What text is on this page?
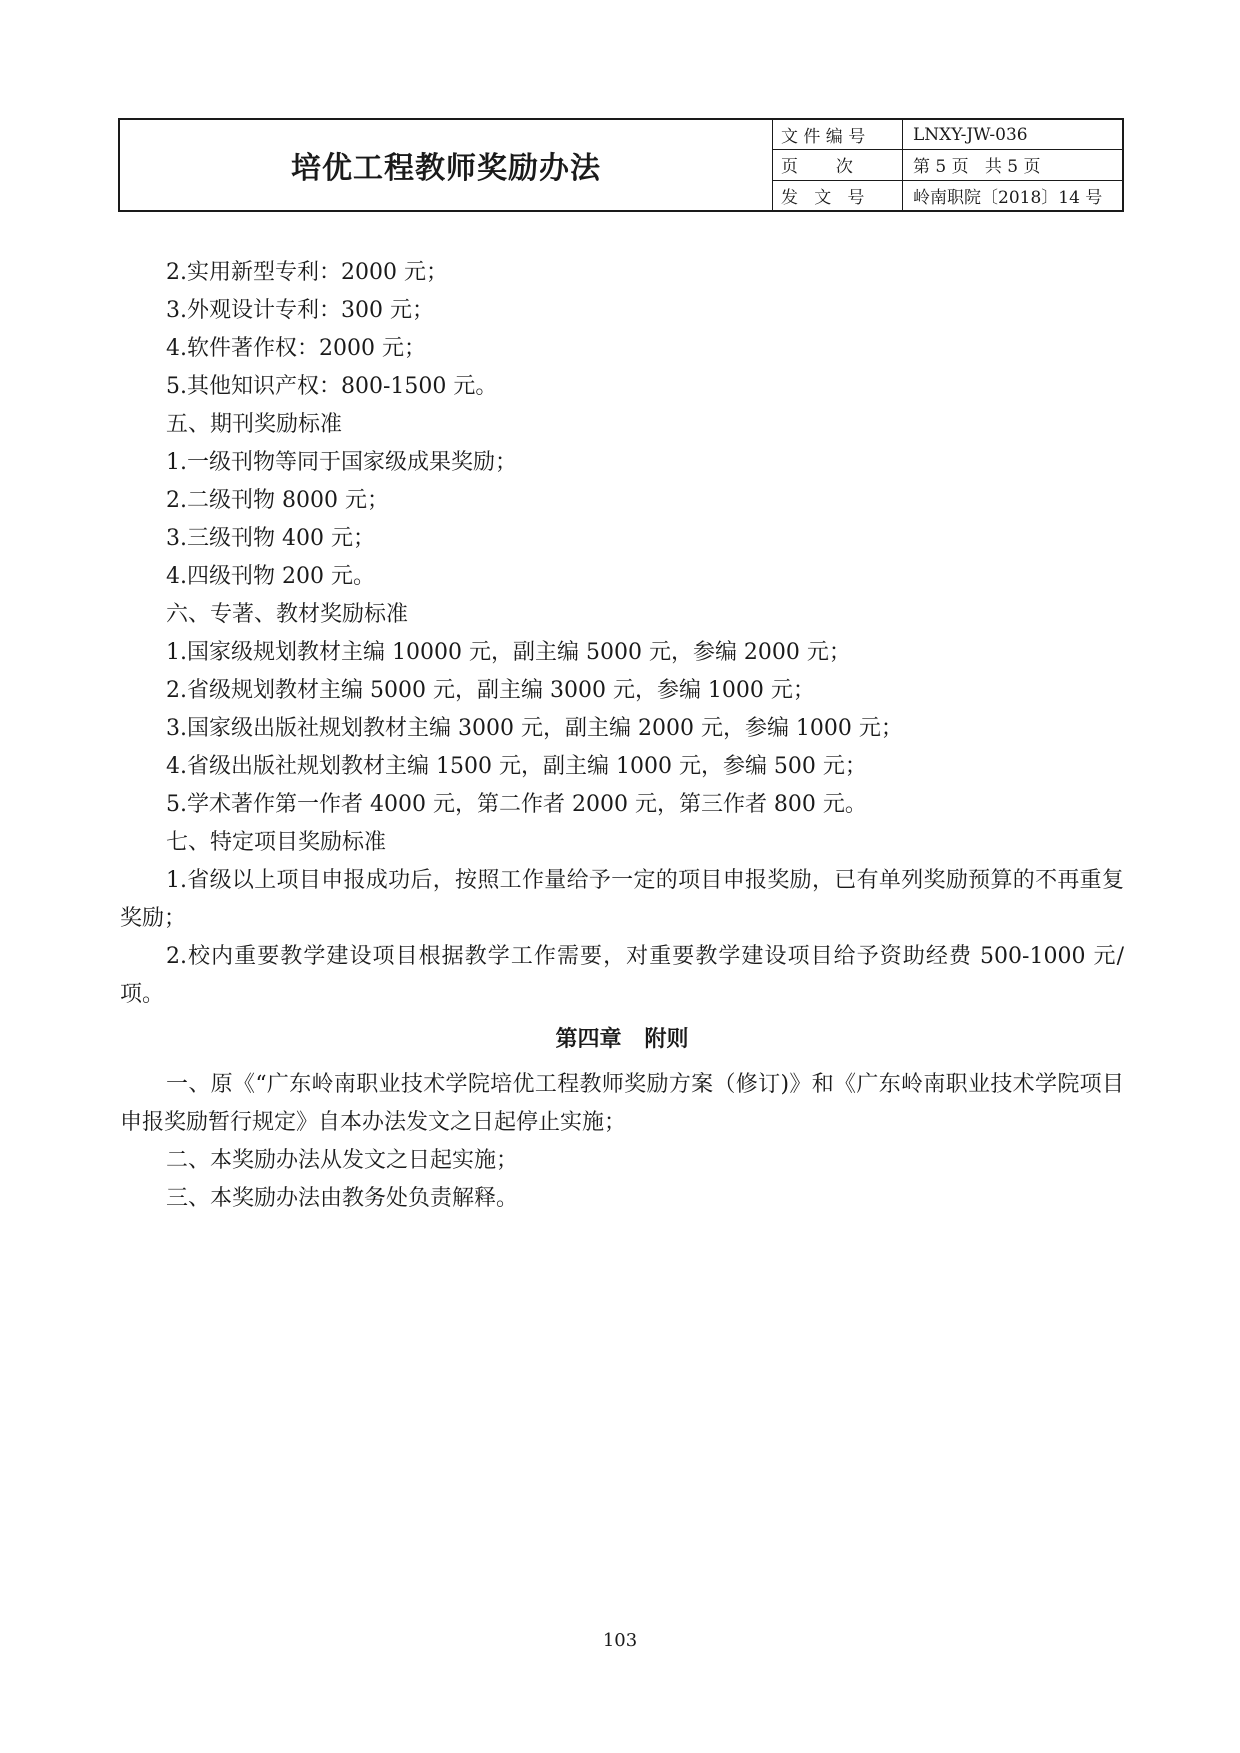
培优工程教师奖励办法
文 件 编 号	LNXY-JW-036
页       次	第 5 页   共 5 页
发   文   号	岭南职院〔2018〕14 号

2.实用新型专利：2000 元；

3.外观设计专利：300 元；

4.软件著作权：2000 元；

5.其他知识产权：800-1500 元。

五、期刊奖励标准

1.一级刊物等同于国家级成果奖励；

2.二级刊物 8000 元；

3.三级刊物 400 元；

4.四级刊物 200 元。

六、专著、教材奖励标准

1.国家级规划教材主编 10000 元，副主编 5000 元，参编 2000 元；

2.省级规划教材主编 5000 元，副主编 3000 元，参编 1000 元；

3.国家级出版社规划教材主编 3000 元，副主编 2000 元，参编 1000 元；

4.省级出版社规划教材主编 1500 元，副主编 1000 元，参编 500 元；

5.学术著作第一作者 4000 元，第二作者 2000 元，第三作者 800 元。

七、特定项目奖励标准

1.省级以上项目申报成功后，按照工作量给予一定的项目申报奖励，已有单列奖励预算的不再重复奖励；

2.校内重要教学建设项目根据教学工作需要，对重要教学建设项目给予资助经费 500-1000 元/项。

第四章   附则

一、原《“广东岭南职业技术学院培优工程教师奖励方案（修订)》和《广东岭南职业技术学院项目申报奖励暂行规定》自本办法发文之日起停止实施；

二、本奖励办法从发文之日起实施；

三、本奖励办法由教务处负责解释。

103
